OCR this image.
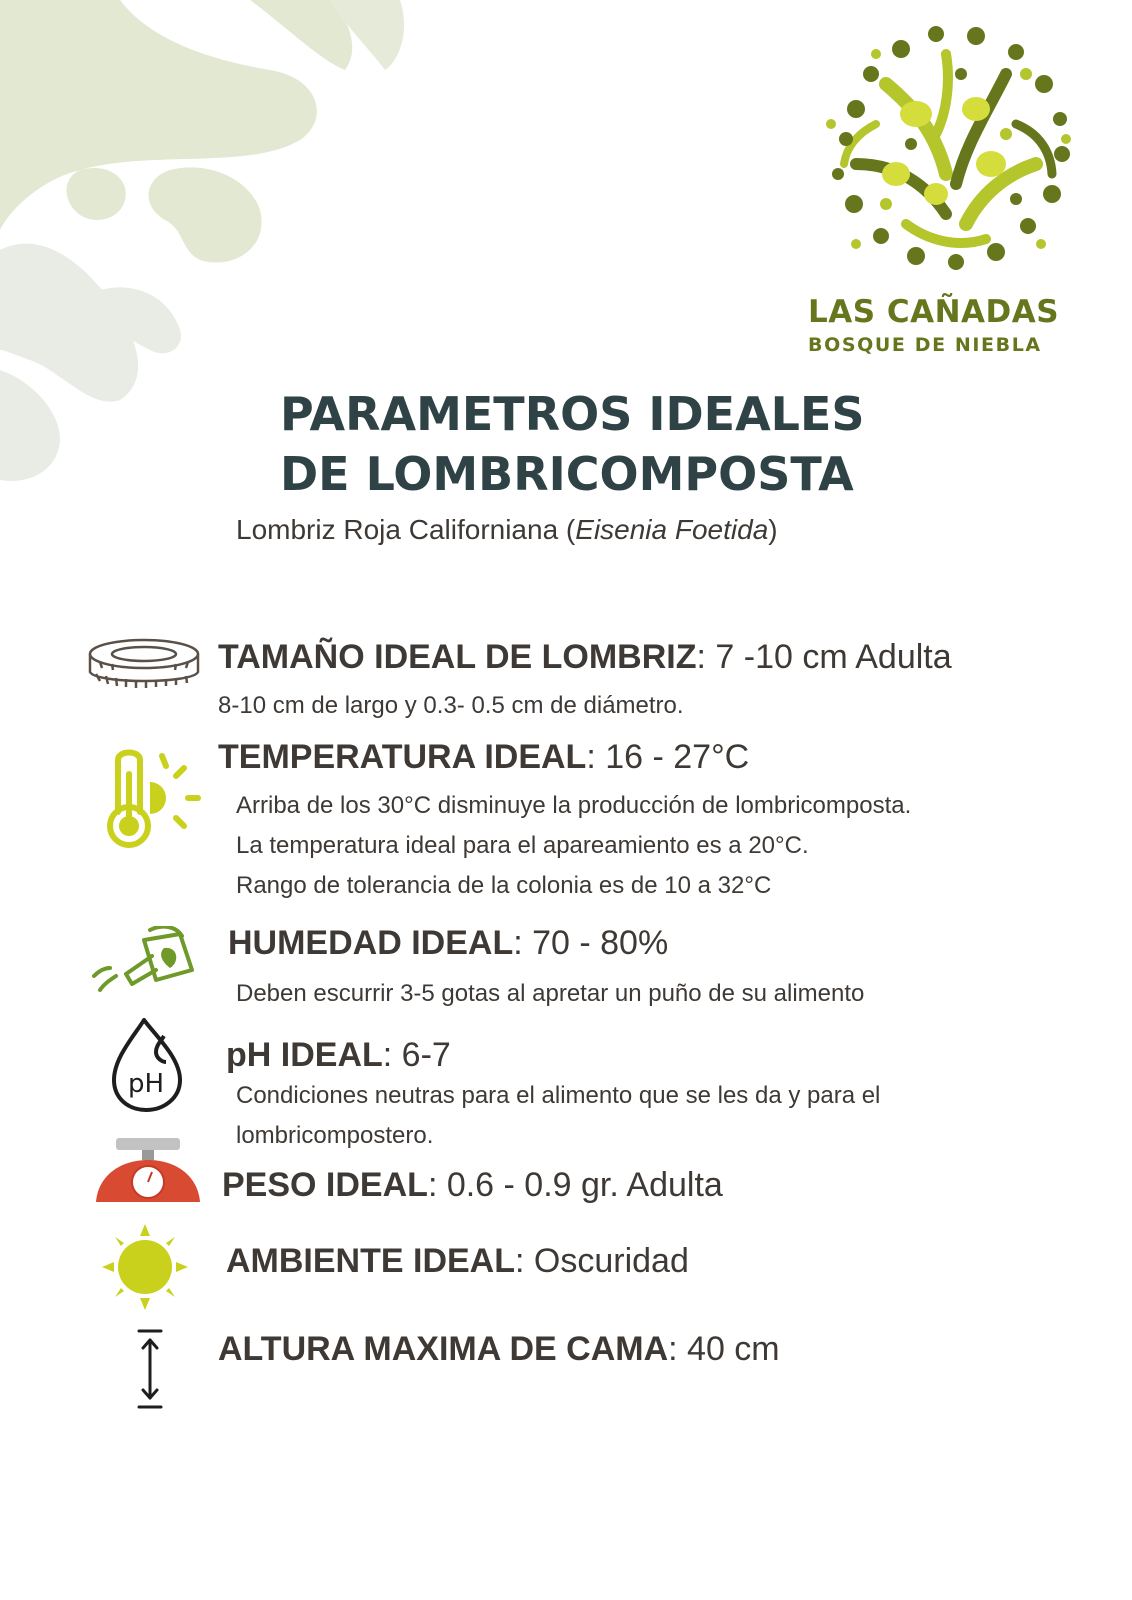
LAS CAÑADAS
BOSQUE DE NIEBLA
PARAMETROS IDEALES
DE LOMBRICOMPOSTA
Lombriz Roja Californiana (Eisenia Foetida)
TAMAÑO IDEAL DE LOMBRIZ: 7 -10 cm Adulta
8-10 cm de largo y 0.3- 0.5 cm de diámetro.
TEMPERATURA IDEAL: 16 - 27°C
Arriba de los 30°C disminuye la producción de lombricomposta.
La temperatura ideal para el apareamiento es a 20°C.
Rango de tolerancia de la colonia es de 10 a 32°C
HUMEDAD IDEAL: 70 - 80%
Deben escurrir 3-5 gotas al apretar un puño de su alimento
pH
pH IDEAL: 6-7
Condiciones neutras para el alimento que se les da y para el
lombricompostero.
PESO IDEAL: 0.6 - 0.9 gr. Adulta
AMBIENTE IDEAL: Oscuridad
ALTURA MAXIMA DE CAMA: 40 cm
